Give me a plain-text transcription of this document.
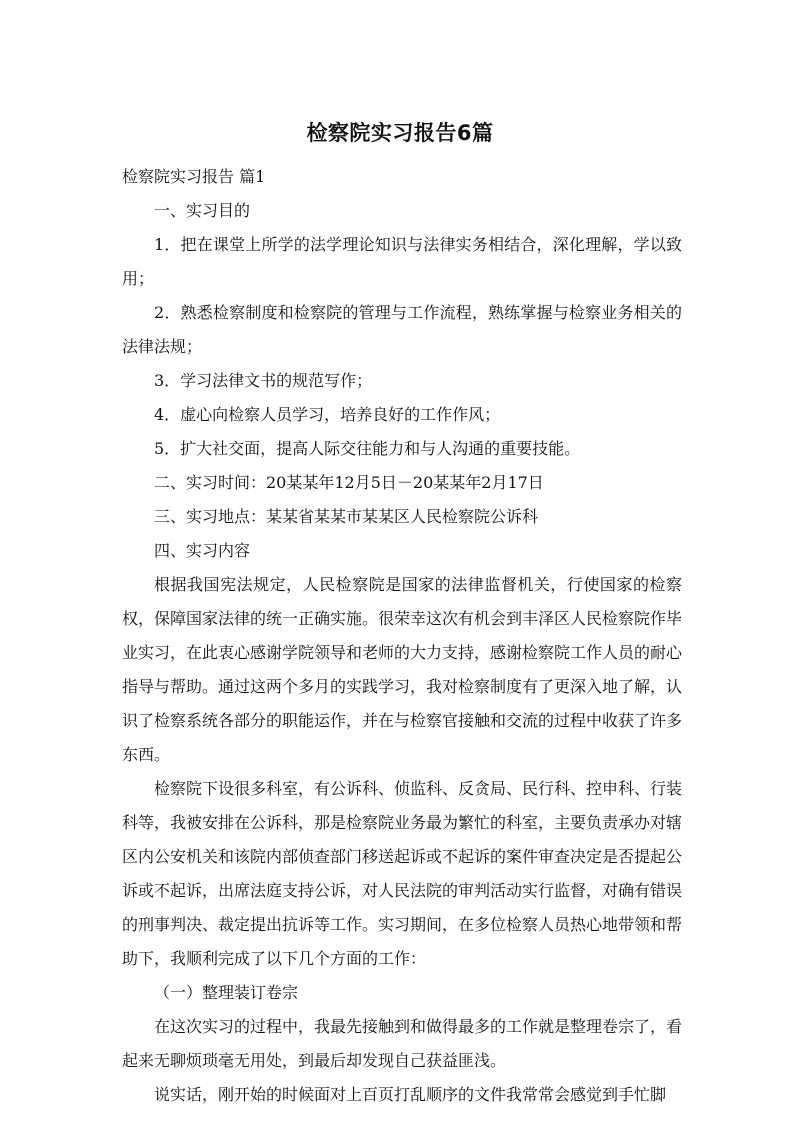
检察院实习报告6篇

检察院实习报告 篇1

一、实习目的

1．把在课堂上所学的法学理论知识与法律实务相结合，深化理解，学以致用；

2．熟悉检察制度和检察院的管理与工作流程，熟练掌握与检察业务相关的法律法规；

3．学习法律文书的规范写作；

4．虚心向检察人员学习，培养良好的工作作风；

5．扩大社交面，提高人际交往能力和与人沟通的重要技能。

二、实习时间：20某某年12月5日－20某某年2月17日

三、实习地点：某某省某某市某某区人民检察院公诉科

四、实习内容

根据我国宪法规定，人民检察院是国家的法律监督机关，行使国家的检察权，保障国家法律的统一正确实施。很荣幸这次有机会到丰泽区人民检察院作毕业实习，在此衷心感谢学院领导和老师的大力支持，感谢检察院工作人员的耐心指导与帮助。通过这两个多月的实践学习，我对检察制度有了更深入地了解，认识了检察系统各部分的职能运作，并在与检察官接触和交流的过程中收获了许多东西。

检察院下设很多科室，有公诉科、侦监科、反贪局、民行科、控申科、行装科等，我被安排在公诉科，那是检察院业务最为繁忙的科室，主要负责承办对辖区内公安机关和该院内部侦查部门移送起诉或不起诉的案件审查决定是否提起公诉或不起诉，出席法庭支持公诉，对人民法院的审判活动实行监督，对确有错误的刑事判决、裁定提出抗诉等工作。实习期间，在多位检察人员热心地带领和帮助下，我顺利完成了以下几个方面的工作：

（一）整理装订卷宗

在这次实习的过程中，我最先接触到和做得最多的工作就是整理卷宗了，看起来无聊烦琐毫无用处，到最后却发现自己获益匪浅。

说实话，刚开始的时候面对上百页打乱顺序的文件我常常会感觉到手忙脚
